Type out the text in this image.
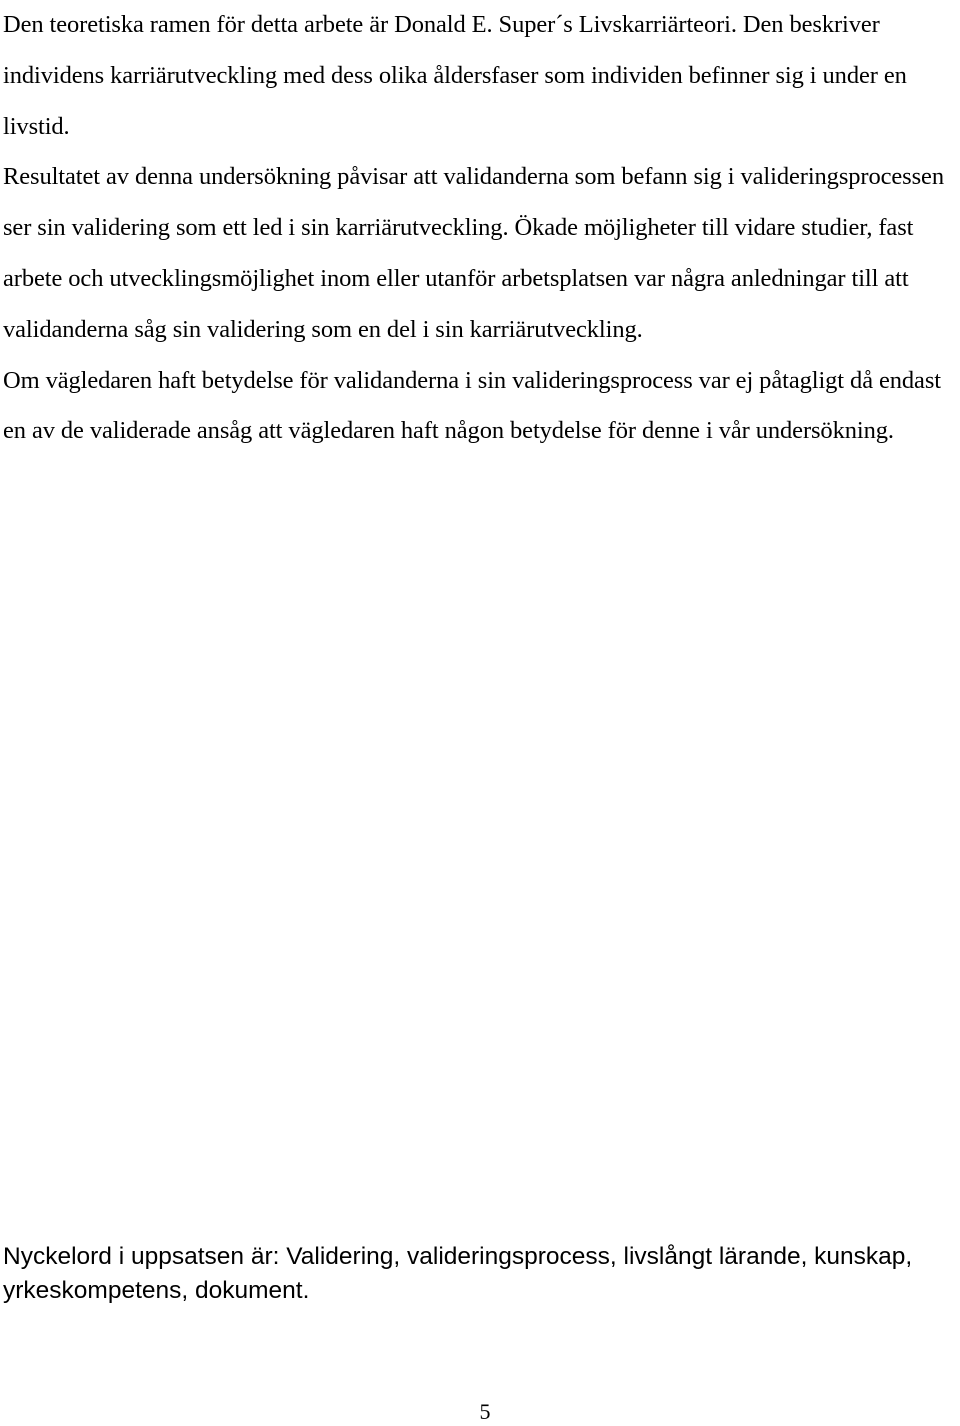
Den teoretiska ramen för detta arbete är Donald E. Super´s Livskarriärteori. Den beskriver individens karriärutveckling med dess olika åldersfaser som individen befinner sig i under en livstid.

Resultatet av denna undersökning påvisar att validanderna som befann sig i valideringsprocessen ser sin validering som ett led i sin karriärutveckling. Ökade möjligheter till vidare studier, fast arbete och utvecklingsmöjlighet inom eller utanför arbetsplatsen var några anledningar till att validanderna såg sin validering som en del i sin karriärutveckling.

Om vägledaren haft betydelse för validanderna i sin valideringsprocess var ej påtagligt då endast en av de validerade ansåg att vägledaren haft någon betydelse för denne i vår undersökning.

Nyckelord i uppsatsen är: Validering, valideringsprocess, livslångt lärande, kunskap, yrkeskompetens, dokument.

5
